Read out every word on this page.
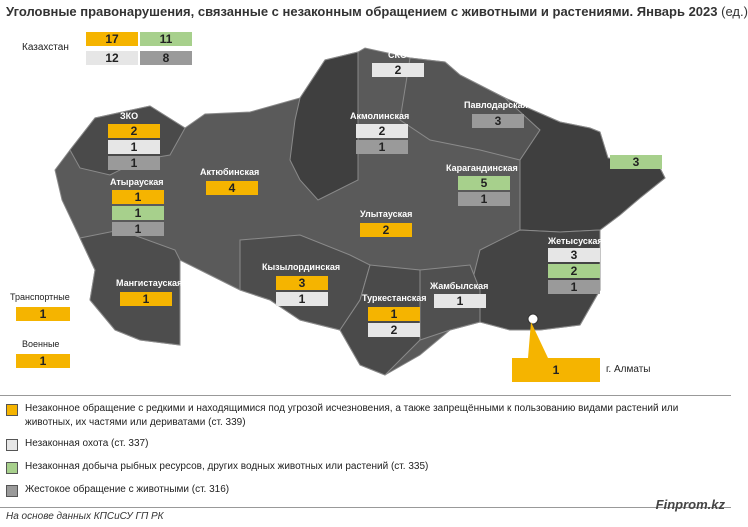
Уголовные правонарушения, связанные с незаконным обращением с животными и растениями. Январь 2023 (ед.)
Казахстан
17	11
12	8
ЗКО
2
1
1
Атырауская
1
1
1
Актюбинская
4
Мангистауская
1
СКО
2
Акмолинская
2
1
Павлодарская
3
ВКО
3
Карагандинская
5
1
Улытауская
2
Жетысуская
3
2
1
Кызылординская
3
1	Туркестанская
1
2
Жамбылская
1
1	г. Алматы
Транспортные
1
Военные
1
Незаконное обращение с редкими и находящимися под угрозой исчезновения, а также запрещёнными к пользованию видами растений или животных, их частями или дериватами (ст. 339)
Незаконная охота (ст. 337)
Незаконная добыча рыбных ресурсов, других водных животных или растений (ст. 335)
Жестокое обращение с животными (ст. 316)
Finprom.kz
На основе данных КПСиСУ ГП РК
